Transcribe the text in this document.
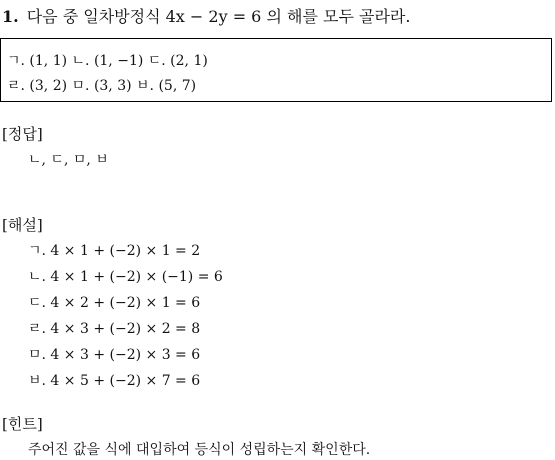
1. 다음 중 일차방정식 4x − 2y = 6 의 해를 모두 골라라.
ㄱ. (1, 1) ㄴ. (1, −1) ㄷ. (2, 1)
ㄹ. (3, 2) ㅁ. (3, 3) ㅂ. (5, 7)
[정답]
ㄴ, ㄷ, ㅁ, ㅂ
[해설]
ㄱ. 4 × 1 + (−2) × 1 = 2
ㄴ. 4 × 1 + (−2) × (−1) = 6
ㄷ. 4 × 2 + (−2) × 1 = 6
ㄹ. 4 × 3 + (−2) × 2 = 8
ㅁ. 4 × 3 + (−2) × 3 = 6
ㅂ. 4 × 5 + (−2) × 7 = 6
[힌트]
주어진 값을 식에 대입하여 등식이 성립하는지 확인한다.
